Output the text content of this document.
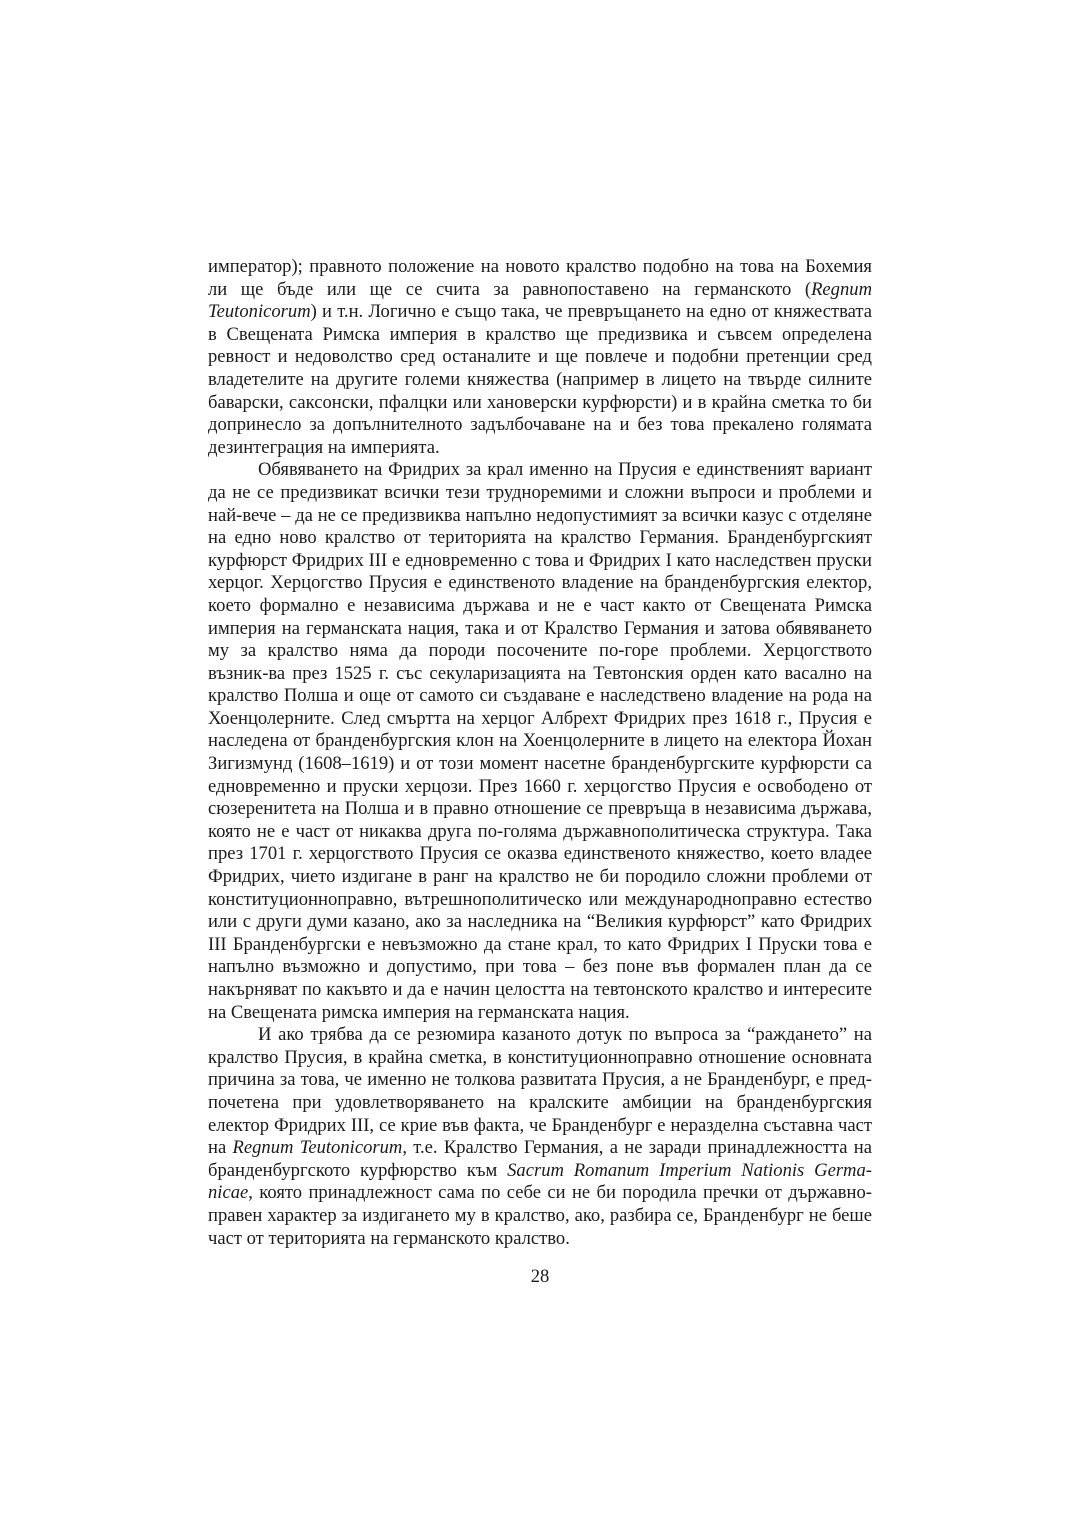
император); правното положение на новото кралство подобно на това на Бохемия ли ще бъде или ще се счита за равнопоставено на германското (Regnum Teutonicorum) и т.н. Логично е също така, че превръщането на едно от княжествата в Свещената Римска империя в кралство ще предизвика и съвсем определена ревност и недоволство сред останалите и ще повлече и подобни претенции сред владетелите на другите големи княжества (например в лицето на твърде силните баварски, саксонски, пфалцки или хановерски курфюрсти) и в крайна сметка то би допринесло за допълнителното задълбочаване на и без това прекалено голямата дезинтеграция на империята.

Обявяването на Фридрих за крал именно на Прусия е единственият вариант да не се предизвикат всички тези трудноремими и сложни въпроси и проблеми и най-вече – да не се предизвиква напълно недопустимият за всички казус с отделяне на едно ново кралство от територията на кралство Германия. Бранденбургският курфюрст Фридрих III е едновременно с това и Фридрих I като наследствен пруски херцог. Херцогство Прусия е единственото владение на бранденбургския електор, което формално е независима държава и не е част както от Свещената Римска империя на германската нация, така и от Кралство Германия и затова обявяването му за кралство няма да породи посочените по-горе проблеми. Херцогството възник-ва през 1525 г. със секуларизацията на Тевтонския орден като васално на кралство Полша и още от самото си създаване е наследствено владение на рода на Хоенцолерните. След смъртта на херцог Албрехт Фридрих през 1618 г., Прусия е наследена от бранденбургския клон на Хоенцолерните в лицето на електора Йохан Зигизмунд (1608–1619) и от този момент насетне бранденбургските курфюрсти са едновременно и пруски херцози. През 1660 г. херцогство Прусия е освободено от сюзеренитета на Полша и в правно отношение се превръща в независима държава, която не е част от никаква друга по-голяма държавнополитическа структура. Така през 1701 г. херцогството Прусия се оказва единственото княжество, което владее Фридрих, чието издигане в ранг на кралство не би породило сложни проблеми от конституционноправно, вътрешнополитическо или международноправно естество или с други думи казано, ако за наследника на “Великия курфюрст” като Фридрих III Бранденбургски е невъзможно да стане крал, то като Фридрих I Пруски това е напълно възможно и допустимо, при това – без поне във формален план да се накърняват по какъвто и да е начин целостта на тевтонското кралство и интересите на Свещената римска империя на германската нация.

И ако трябва да се резюмира казаното дотук по въпроса за “раждането” на кралство Прусия, в крайна сметка, в конституционноправно отношение основната причина за това, че именно не толкова развитата Прусия, а не Бранденбург, е пред-почетена при удовлетворяването на кралските амбиции на бранденбургския електор Фридрих III, се крие във факта, че Бранденбург е неразделна съставна част на Regnum Teutonicorum, т.е. Кралство Германия, а не заради принадлежността на бранденбургското курфюрство към Sacrum Romanum Imperium Nationis Germa-nicae, която принадлежност сама по себе си не би породила пречки от държавно-правен характер за издигането му в кралство, ако, разбира се, Бранденбург не беше част от територията на германското кралство.

28
